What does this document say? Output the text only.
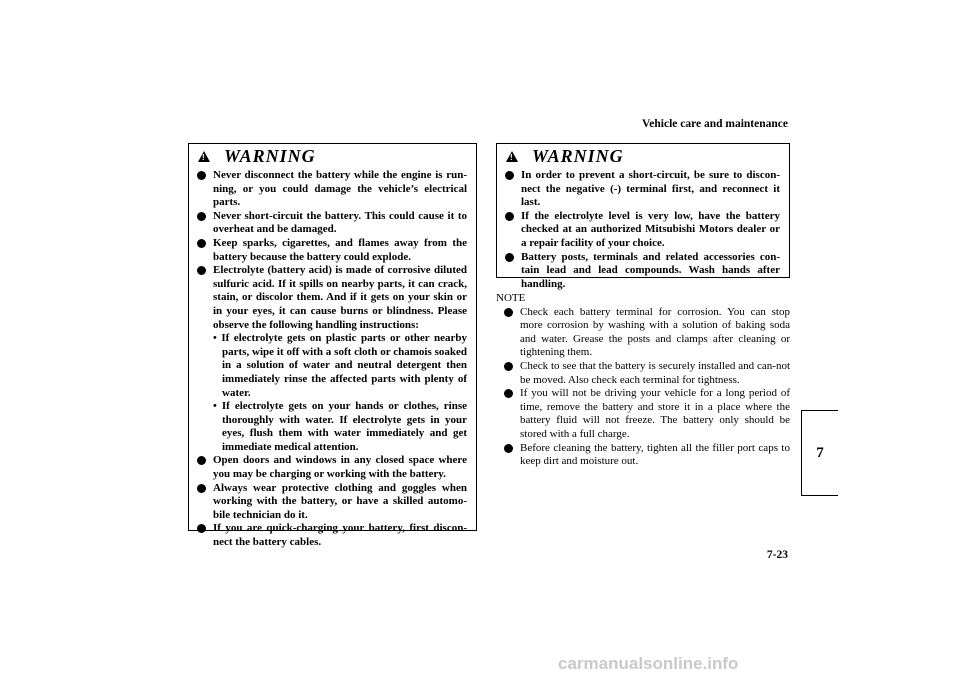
Vehicle care and maintenance
!
WARNING
Never disconnect the battery while the engine is run-ning, or you could damage the vehicle’s electrical parts.
Never short-circuit the battery. This could cause it to overheat and be damaged.
Keep sparks, cigarettes, and flames away from the battery because the battery could explode.
Electrolyte (battery acid) is made of corrosive diluted sulfuric acid. If it spills on nearby parts, it can crack, stain, or discolor them. And if it gets on your skin or in your eyes, it can cause burns or blindness. Please observe the following handling instructions:
• If electrolyte gets on plastic parts or other nearby parts, wipe it off with a soft cloth or chamois soaked in a solution of water and neutral detergent then immediately rinse the affected parts with plenty of water.
• If electrolyte gets on your hands or clothes, rinse thoroughly with water. If electrolyte gets in your eyes, flush them with water immediately and get immediate medical attention.
Open doors and windows in any closed space where you may be charging or working with the battery.
Always wear protective clothing and goggles when working with the battery, or have a skilled automo-bile technician do it.
If you are quick-charging your battery, first discon-nect the battery cables.
!
WARNING
In order to prevent a short-circuit, be sure to discon-nect the negative (-) terminal first, and reconnect it last.
If the electrolyte level is very low, have the battery checked at an authorized Mitsubishi Motors dealer or a repair facility of your choice.
Battery posts, terminals and related accessories con-tain lead and lead compounds. Wash hands after handling.
NOTE
Check each battery terminal for corrosion. You can stop more corrosion by washing with a solution of baking soda and water. Grease the posts and clamps after cleaning or tightening them.
Check to see that the battery is securely installed and can-not be moved. Also check each terminal for tightness.
If you will not be driving your vehicle for a long period of time, remove the battery and store it in a place where the battery fluid will not freeze. The battery only should be stored with a full charge.
Before cleaning the battery, tighten all the filler port caps to keep dirt and moisture out.
7
7-23
carmanualsonline.info
